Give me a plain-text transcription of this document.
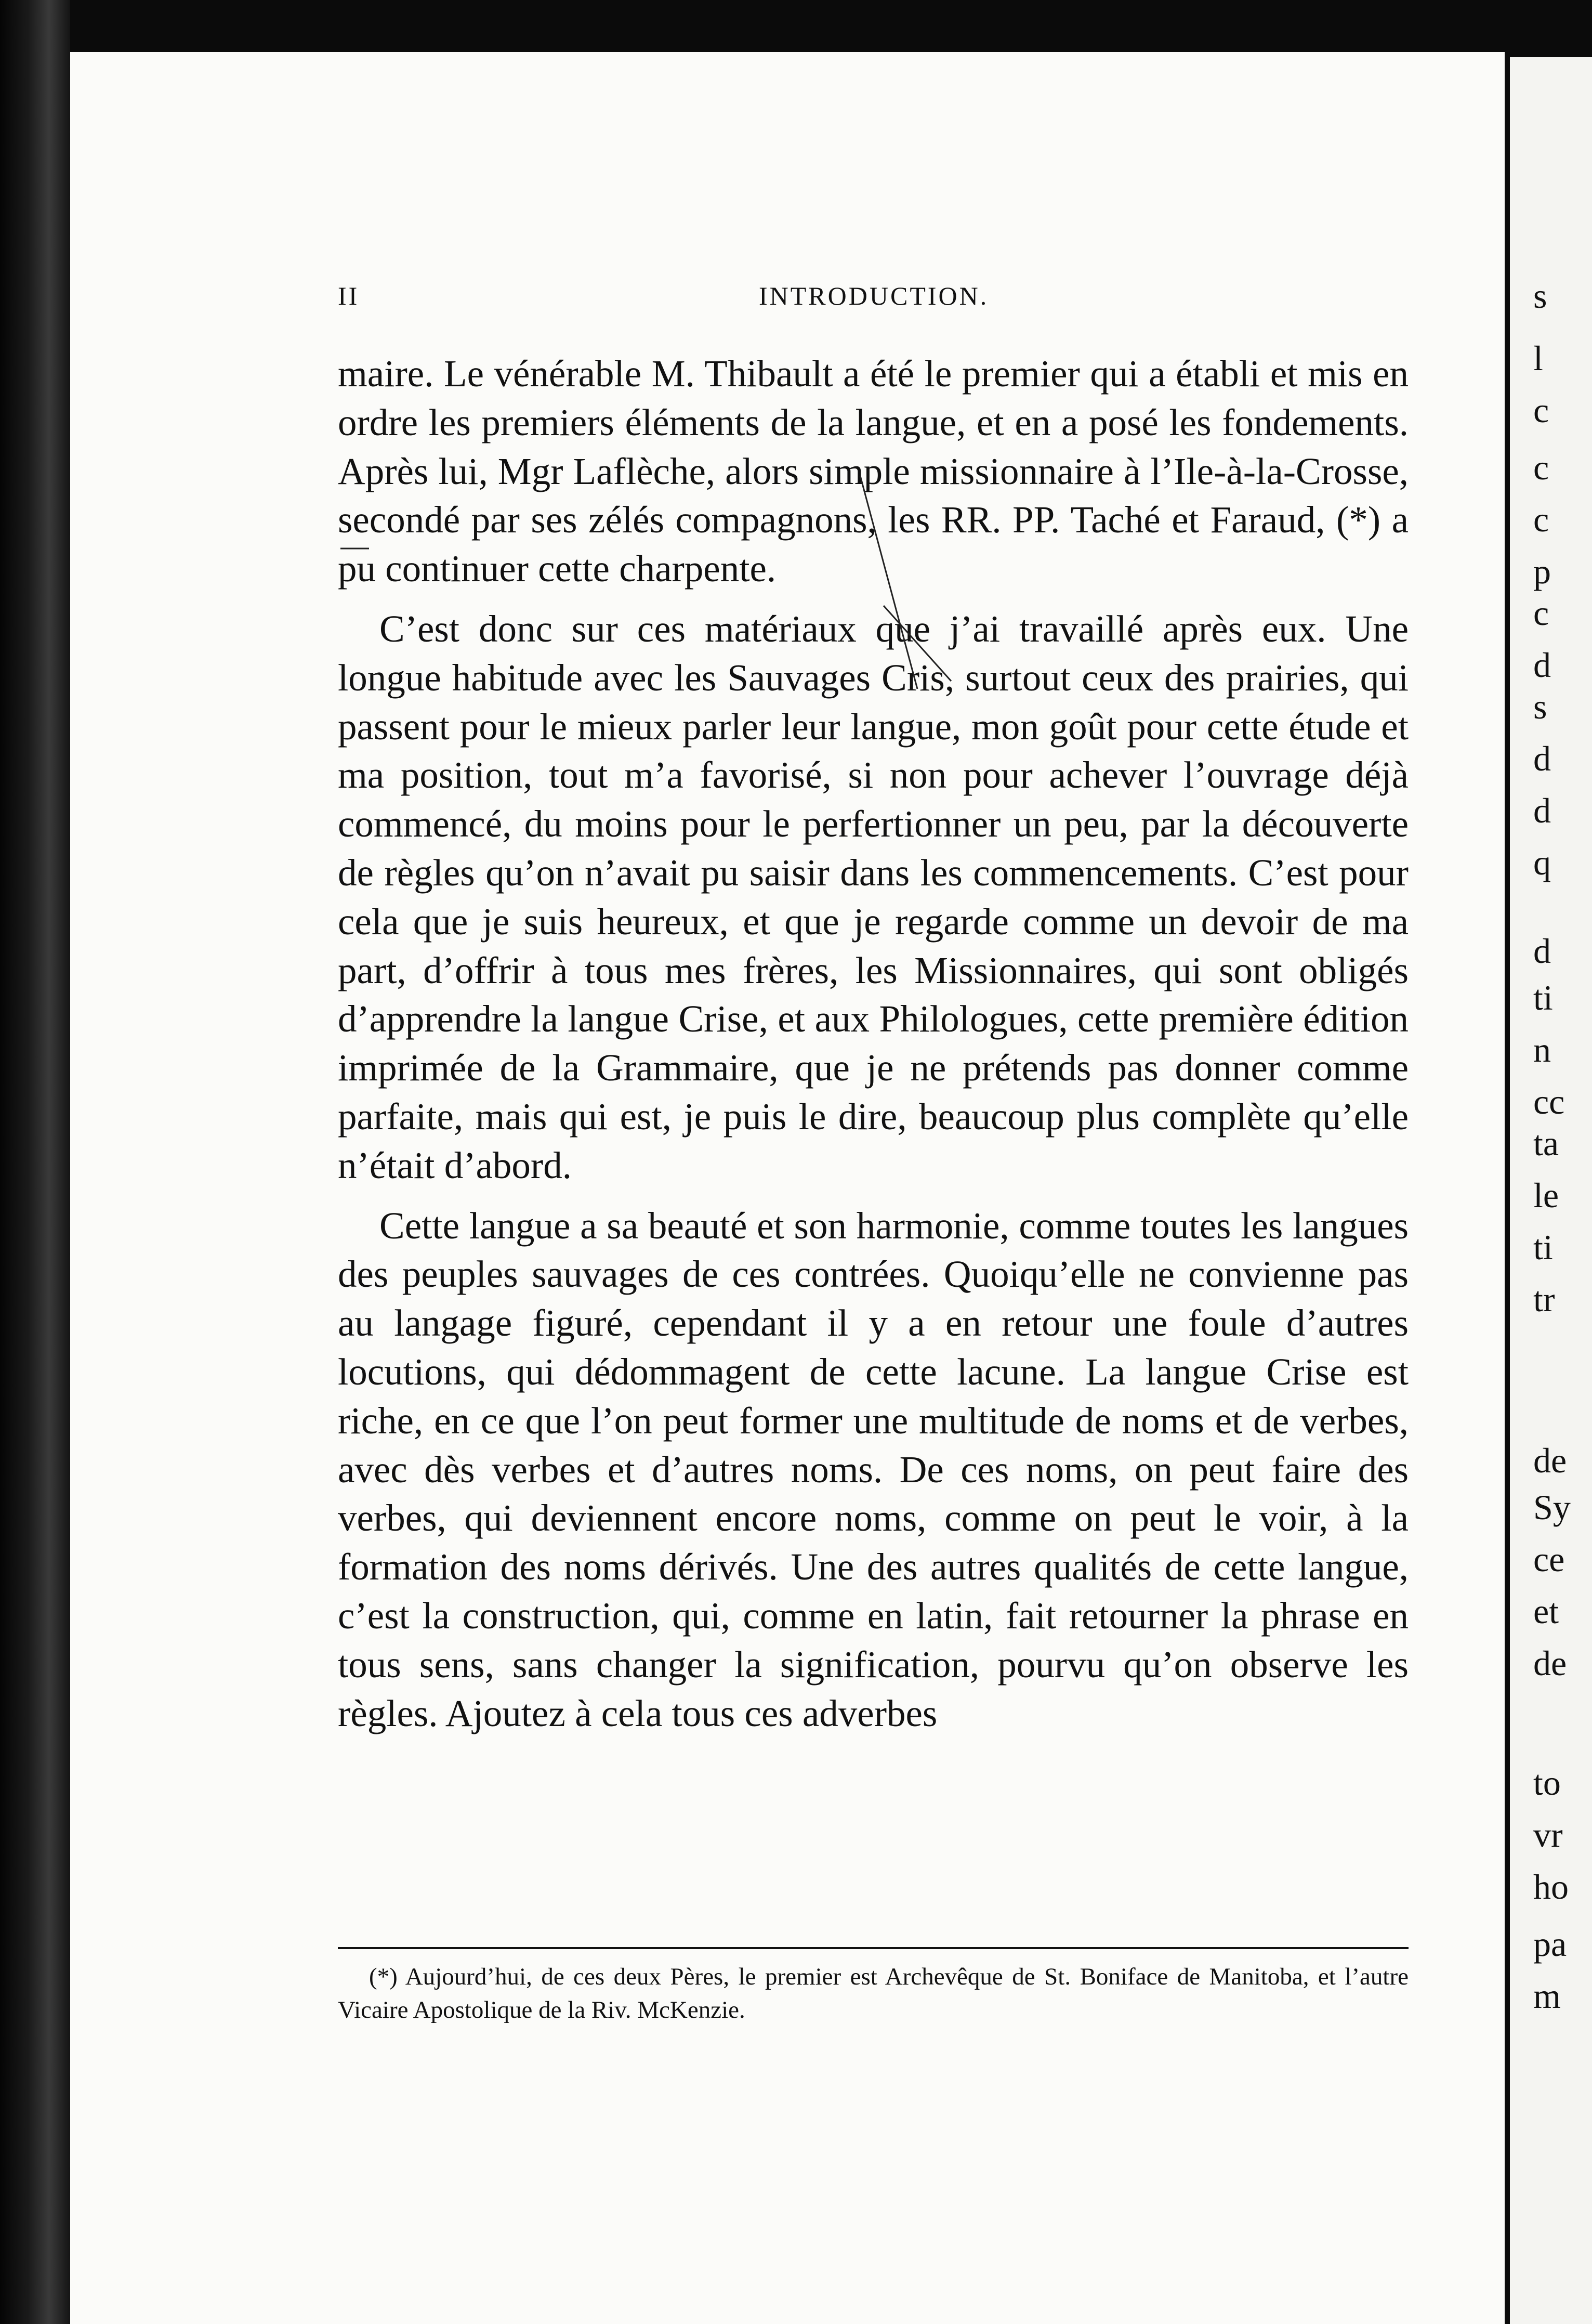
II	INTRODUCTION.

maire. Le vénérable M. Thibault a été le premier qui a établi et mis en ordre les premiers éléments de la langue, et en a posé les fondements. Après lui, Mgr Laflèche, alors simple missionnaire à l’Ile-à-la-Crosse, secondé par ses zélés compagnons, les RR. PP. Taché et Faraud, (*) a pu continuer cette charpente.

C’est donc sur ces matériaux que j’ai travaillé après eux. Une longue habitude avec les Sauvages Cris, surtout ceux des prairies, qui passent pour le mieux parler leur langue, mon goût pour cette étude et ma position, tout m’a favorisé, si non pour achever l’ouvrage déjà commencé, du moins pour le perfertionner un peu, par la découverte de règles qu’on n’avait pu saisir dans les commencements. C’est pour cela que je suis heureux, et que je regarde comme un devoir de ma part, d’offrir à tous mes frères, les Missionnaires, qui sont obligés d’apprendre la langue Crise, et aux Philologues, cette première édition imprimée de la Grammaire, que je ne prétends pas donner comme parfaite, mais qui est, je puis le dire, beaucoup plus complète qu’elle n’était d’abord.

Cette langue a sa beauté et son harmonie, comme toutes les langues des peuples sauvages de ces contrées. Quoiqu’elle ne convienne pas au langage figuré, cependant il y a en retour une foule d’autres locutions, qui dédommagent de cette lacune. La langue Crise est riche, en ce que l’on peut former une multitude de noms et de verbes, avec dès verbes et d’autres noms. De ces noms, on peut faire des verbes, qui deviennent encore noms, comme on peut le voir, à la formation des noms dérivés. Une des autres qualités de cette langue, c’est la construction, qui, comme en latin, fait retourner la phrase en tous sens, sans changer la signification, pourvu qu’on observe les règles. Ajoutez à cela tous ces adverbes

(*) Aujourd’hui, de ces deux Pères, le premier est Archevêque de St. Boniface de Manitoba, et l’autre Vicaire Apostolique de la Riv. McKenzie.
s
l
c
c
c
p
c
d
s
d
d
q
d
ti
n
cc
ta
le
ti
tr
de
Sy
ce
et
de
to
vr
ho
pa
m
